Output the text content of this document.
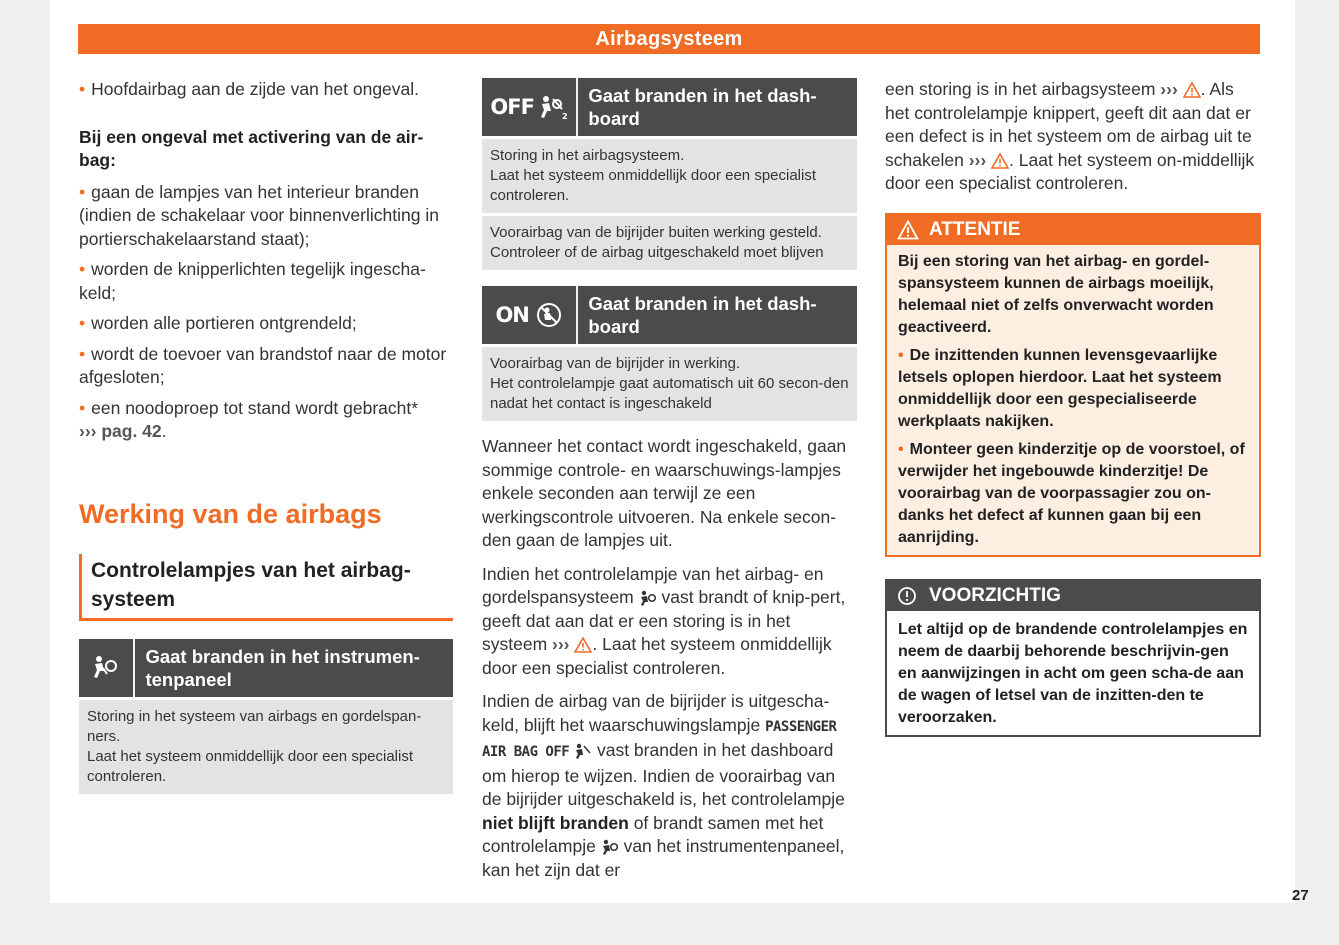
Airbagsysteem

• Hoofdairbag aan de zijde van het ongeval.

Bij een ongeval met activering van de air-bag:

• gaan de lampjes van het interieur branden (indien de schakelaar voor binnenverlichting in portierschakelaarstand staat);

• worden de knipperlichten tegelijk ingescha-keld;

• worden alle portieren ontgrendeld;

• wordt de toevoer van brandstof naar de motor afgesloten;

• een noodoproep tot stand wordt gebracht*
››› pag. 42.

Werking van de airbags
Controlelampjes van het airbag-systeem
Gaat branden in het instrumen-tenpaneel
Storing in het systeem van airbags en gordelspan-ners.
Laat het systeem onmiddellijk door een specialist controleren.
OFF	2
Gaat branden in het dash-board
Storing in het airbagsysteem.
Laat het systeem onmiddellijk door een specialist controleren.
Voorairbag van de bijrijder buiten werking gesteld.
Controleer of de airbag uitgeschakeld moet blijven
ON	Gaat branden in het dash-board
Voorairbag van de bijrijder in werking.
Het controlelampje gaat automatisch uit 60 secon-den nadat het contact is ingeschakeld

Wanneer het contact wordt ingeschakeld, gaan sommige controle- en waarschuwings-lampjes enkele seconden aan terwijl ze een werkingscontrole uitvoeren. Na enkele secon-den gaan de lampjes uit.

Indien het controlelampje van het airbag- en gordelspansysteem vast brandt of knip-pert, geeft dat aan dat er een storing is in het systeem ››› . Laat het systeem onmiddellijk door een specialist controleren.

Indien de airbag van de bijrijder is uitgescha-keld, blijft het waarschuwingslampje PASSENGER AIR BAG OFF vast branden in het dashboard om hierop te wijzen. Indien de voorairbag van de bijrijder uitgeschakeld is, het controlelampje niet blijft branden of brandt samen met het controlelampje van het instrumentenpaneel, kan het zijn dat er

een storing is in het airbagsysteem ››› . Als het controlelampje knippert, geeft dit aan dat er een defect is in het systeem om de airbag uit te schakelen ››› . Laat het systeem on-middellijk door een specialist controleren.

ATTENTIE

Bij een storing van het airbag- en gordel-spansysteem kunnen de airbags moeilijk, helemaal niet of zelfs onverwacht worden geactiveerd.

• De inzittenden kunnen levensgevaarlijke letsels oplopen hierdoor. Laat het systeem onmiddellijk door een gespecialiseerde werkplaats nakijken.

• Monteer geen kinderzitje op de voorstoel, of verwijder het ingebouwde kinderzitje! De voorairbag van de voorpassagier zou on-danks het defect af kunnen gaan bij een aanrijding.

VOORZICHTIG
Let altijd op de brandende controlelampjes en neem de daarbij behorende beschrijvin-gen en aanwijzingen in acht om geen scha-de aan de wagen of letsel van de inzitten-den te veroorzaken.
27
